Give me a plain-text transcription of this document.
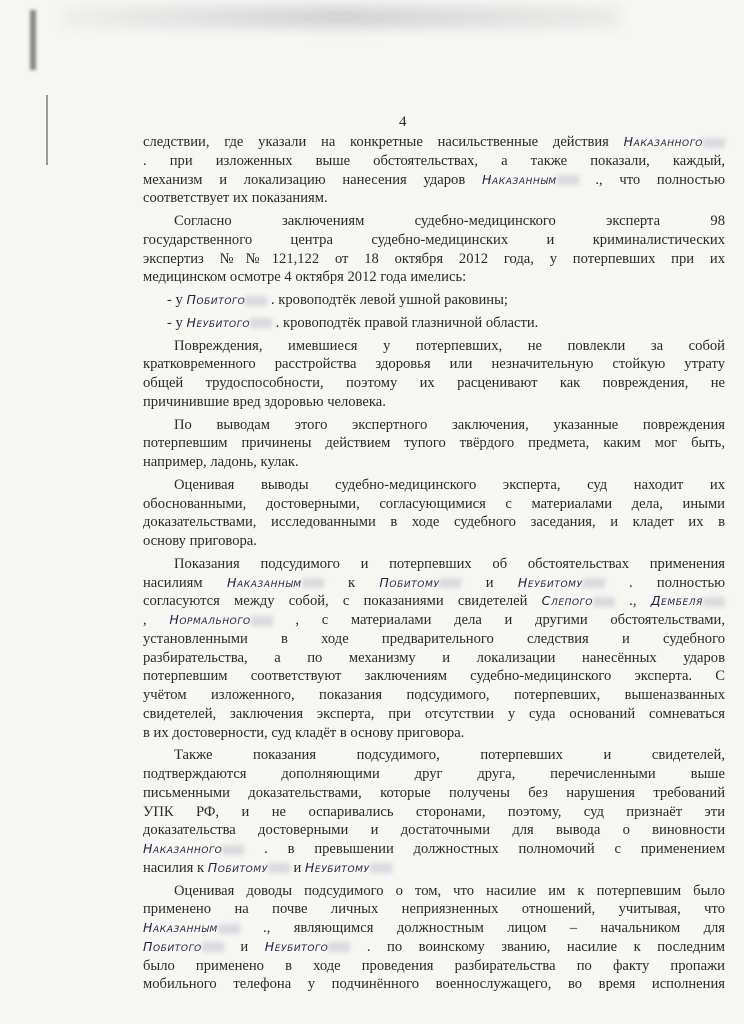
4
следствии, где указали на конкретные насильственные действия Наказанного
. при изложенных выше обстоятельствах, а также показали, каждый,
механизм и локализацию нанесения ударов Наказанным ., что полностью
соответствует их показаниям.
Согласно заключениям судебно-медицинского эксперта 98
государственного центра судебно-медицинских и криминалистических
экспертиз №№121,122 от 18 октября 2012 года, у потерпевших при их
медицинском осмотре 4 октября 2012 года имелись:
- у Побитого . кровоподтёк левой ушной раковины;
- у Неубитого . кровоподтёк правой глазничной области.
Повреждения, имевшиеся у потерпевших, не повлекли за собой
кратковременного расстройства здоровья или незначительную стойкую утрату
общей трудоспособности, поэтому их расценивают как повреждения, не
причинившие вред здоровью человека.
По выводам этого экспертного заключения, указанные повреждения
потерпевшим причинены действием тупого твёрдого предмета, каким мог быть,
например, ладонь, кулак.
Оценивая выводы судебно-медицинского эксперта, суд находит их
обоснованными, достоверными, согласующимися с материалами дела, иными
доказательствами, исследованными в ходе судебного заседания, и кладет их в
основу приговора.
Показания подсудимого и потерпевших об обстоятельствах применения
насилиям Наказанным к Побитому и Неубитому . полностью
согласуются между собой, с показаниями свидетелей Слепого ., Дембеля
, Нормального , с материалами дела и другими обстоятельствами,
установленными в ходе предварительного следствия и судебного
разбирательства, а по механизму и локализации нанесённых ударов
потерпевшим соответствуют заключениям судебно-медицинского эксперта. С
учётом изложенного, показания подсудимого, потерпевших, вышеназванных
свидетелей, заключения эксперта, при отсутствии у суда оснований сомневаться
в их достоверности, суд кладёт в основу приговора.
Также показания подсудимого, потерпевших и свидетелей,
подтверждаются дополняющими друг друга, перечисленными выше
письменными доказательствами, которые получены без нарушения требований
УПК РФ, и не оспаривались сторонами, поэтому, суд признаёт эти
доказательства достоверными и достаточными для вывода о виновности
Наказанного . в превышении должностных полномочий с применением
насилия к Побитому и Неубитому
Оценивая доводы подсудимого о том, что насилие им к потерпевшим было
применено на почве личных неприязненных отношений, учитывая, что
Наказанным ., являющимся должностным лицом – начальником для
Побитого и Неубитого . по воинскому званию, насилие к последним
было применено в ходе проведения разбирательства по факту пропажи
мобильного телефона у подчинённого военнослужащего, во время исполнения
